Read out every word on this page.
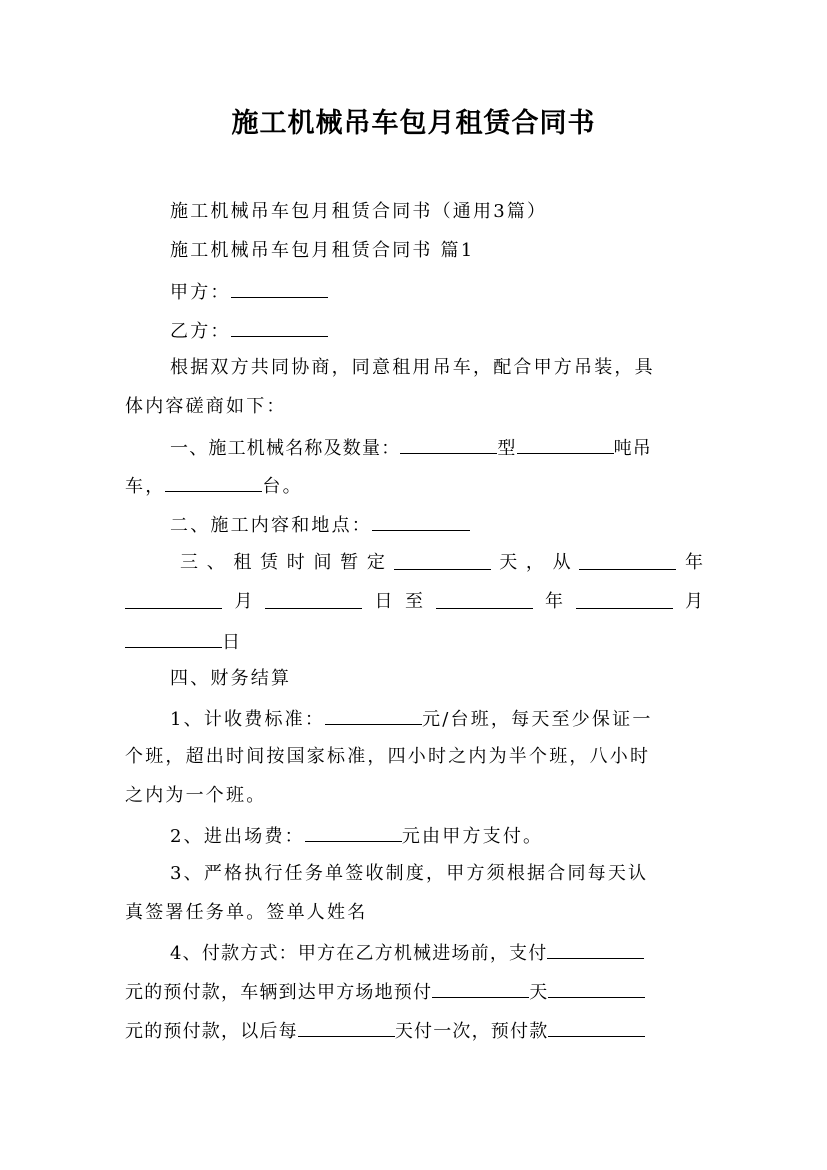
施工机械吊车包月租赁合同书
施工机械吊车包月租赁合同书（通用3篇）
施工机械吊车包月租赁合同书 篇1
甲方：
乙方：
根据双方共同协商，同意租用吊车，配合甲方吊装，具
体内容磋商如下：
一、施工机械名称及数量：	型	吨吊
车，	台。
二、施工内容和地点：
三 、 租 赁 时 间 暂 定	天 ， 从	年
月	日 至	年	月
日
四、财务结算
1、计收费标准：	元/台班，每天至少保证一
个班，超出时间按国家标准，四小时之内为半个班，八小时
之内为一个班。
2、进出场费：	元由甲方支付。
3、严格执行任务单签收制度，甲方须根据合同每天认
真签署任务单。签单人姓名
4、付款方式：甲方在乙方机械进场前，支付
元的预付款，车辆到达甲方场地预付	天
元的预付款，以后每	天付一次，预付款
